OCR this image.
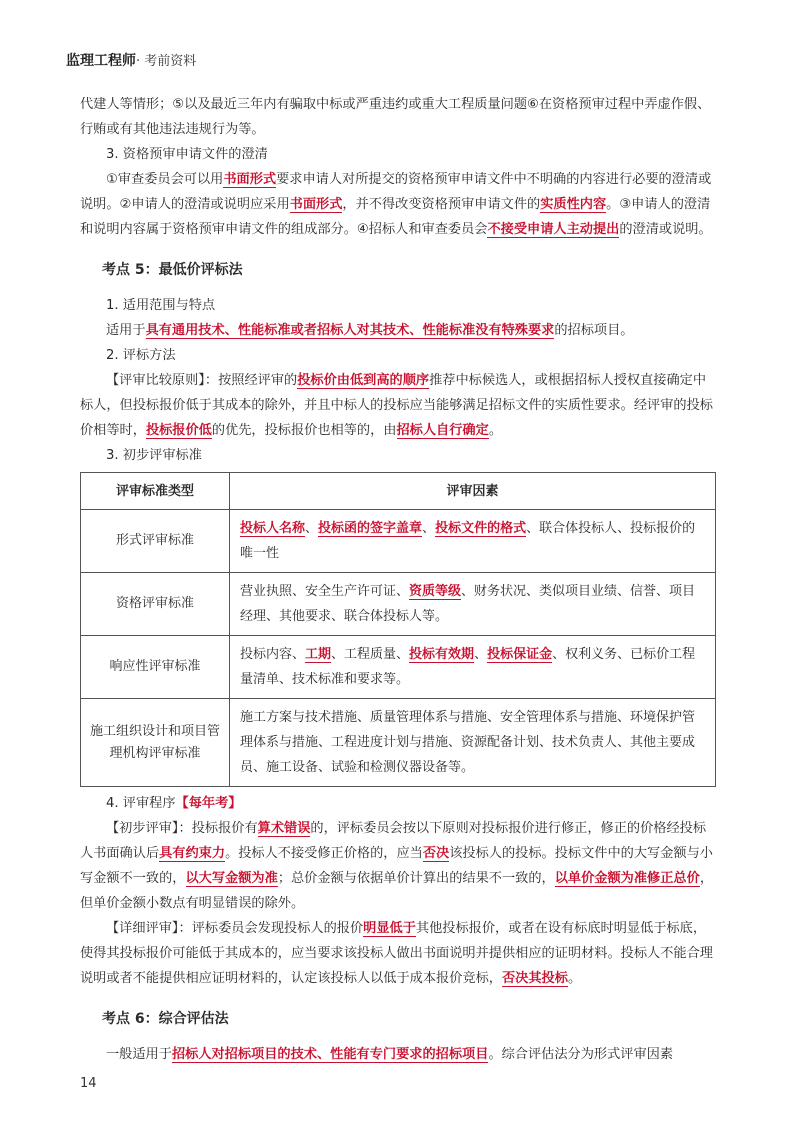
监理工程师· 考前资料

代建人等情形；⑤以及最近三年内有骗取中标或严重违约或重大工程质量问题⑥在资格预审过程中弄虚作假、行贿或有其他违法违规行为等。

3. 资格预审申请文件的澄清

①审查委员会可以用书面形式要求申请人对所提交的资格预审申请文件中不明确的内容进行必要的澄清或说明。②申请人的澄清或说明应采用书面形式，并不得改变资格预审申请文件的实质性内容。③申请人的澄清和说明内容属于资格预审申请文件的组成部分。④招标人和审查委员会不接受申请人主动提出的澄清或说明。

考点 5：最低价评标法

1. 适用范围与特点

适用于具有通用技术、性能标准或者招标人对其技术、性能标准没有特殊要求的招标项目。

2. 评标方法

【评审比较原则】：按照经评审的投标价由低到高的顺序推荐中标候选人，或根据招标人授权直接确定中标人，但投标报价低于其成本的除外，并且中标人的投标应当能够满足招标文件的实质性要求。经评审的投标价相等时，投标报价低的优先，投标报价也相等的，由招标人自行确定。

3. 初步评审标准

评审标准类型	评审因素
形式评审标准	投标人名称、投标函的签字盖章、投标文件的格式、联合体投标人、投标报价的唯一性
资格评审标准	营业执照、安全生产许可证、资质等级、财务状况、类似项目业绩、信誉、项目经理、其他要求、联合体投标人等。
响应性评审标准	投标内容、工期、工程质量、投标有效期、投标保证金、权利义务、已标价工程量清单、技术标准和要求等。
施工组织设计和项目管理机构评审标准	施工方案与技术措施、质量管理体系与措施、安全管理体系与措施、环境保护管理体系与措施、工程进度计划与措施、资源配备计划、技术负责人、其他主要成员、施工设备、试验和检测仪器设备等。

4. 评审程序【每年考】

【初步评审】：投标报价有算术错误的，评标委员会按以下原则对投标报价进行修正，修正的价格经投标人书面确认后具有约束力。投标人不接受修正价格的，应当否决该投标人的投标。投标文件中的大写金额与小写金额不一致的，以大写金额为准；总价金额与依据单价计算出的结果不一致的，以单价金额为准修正总价，但单价金额小数点有明显错误的除外。

【详细评审】：评标委员会发现投标人的报价明显低于其他投标报价，或者在设有标底时明显低于标底，使得其投标报价可能低于其成本的，应当要求该投标人做出书面说明并提供相应的证明材料。投标人不能合理说明或者不能提供相应证明材料的，认定该投标人以低于成本报价竞标，否决其投标。

考点 6：综合评估法

一般适用于招标人对招标项目的技术、性能有专门要求的招标项目。综合评估法分为形式评审因素

14
